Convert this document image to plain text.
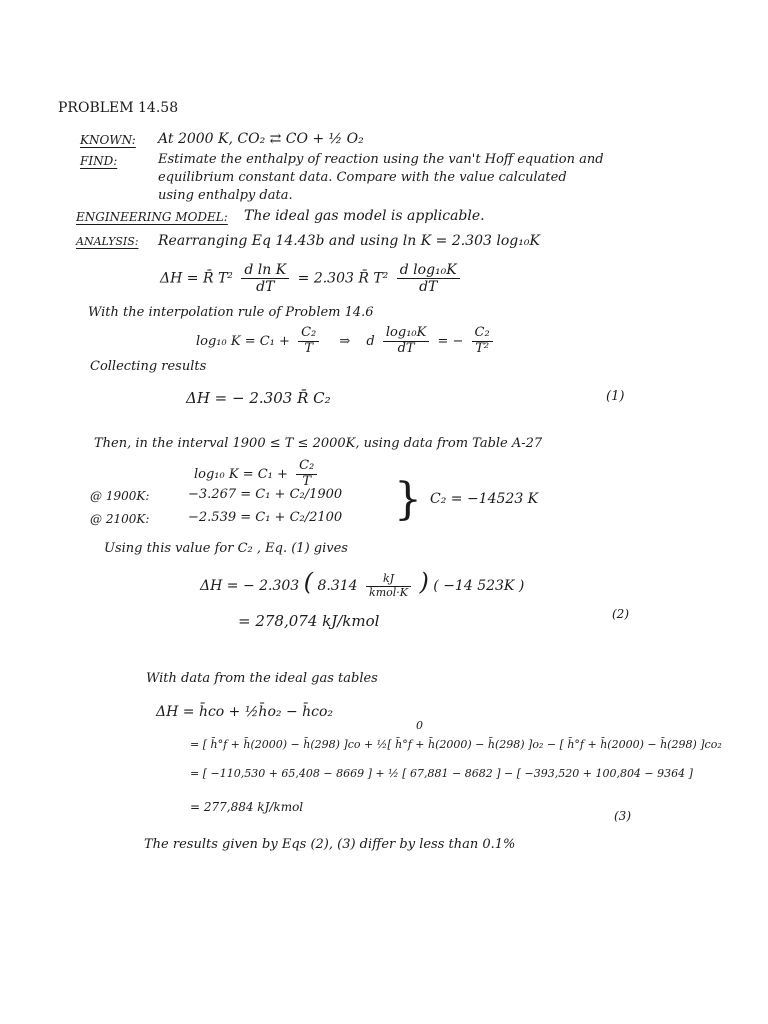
PROBLEM 14.58
KNOWN: At 2000 K, CO₂ ⇄ CO + ½ O₂
FIND:	Estimate the enthalpy of reaction using the van't Hoff equation and
equilibrium constant data. Compare with the value calculated
using enthalpy data.
ENGINEERING MODEL: The ideal gas model is applicable.
ANALYSIS: Rearranging Eq 14.43b and using ln K = 2.303 log₁₀K
ΔH = R̄ $T^2 \frac{\text{d ln K}}{dT} = 2.303$ R̄ $T^2 \frac{\text{d log₁₀K}}{dT}$
With the interpolation rule of Problem 14.6
log₁₀ $K = C_1 + \frac{\text{C₂}}{T}$ ⇒ d $\frac{\text{log₁₀K}}{dT}$ = − $\frac{\text{C₂}}{\text{T²}}$
Collecting results
ΔH = − 2.303 R̄ C₂	(1)
Then, in the interval 1900 ≤ T ≤ 2000K, using data from Table A-27
log₁₀ $K = C_1 + \frac{\text{C₂}}{T}$
@ 1900K:	−3.267 = C₁ + C₂/1900
@ 2100K:	−2.539 = C₁ + C₂/2100 } C₂ = −14523 K
Using this value for C₂ , Eq. (1) gives
ΔH = − 2.303 ( $8.314 \frac{kJ}{\text{kmol·K}}$ ) ( −14 523K )
= 278,074 kJ/kmol	(2)
With data from the ideal gas tables
ΔH = h̄co + ½h̄o₂ − h̄co₂
0
= [ h̄°f + h̄(2000) − h̄(298) ]co + ½[ h̄°f + h̄(2000) − h̄(298) ]o₂ − [ h̄°f + h̄(2000) − h̄(298) ]co₂
= [ −110,530 + 65,408 − 8669 ] + ½ [ 67,881 − 8682 ] − [ −393,520 + 100,804 − 9364 ]
= 277,884 kJ/kmol
(3)
The results given by Eqs (2), (3) differ by less than 0.1%
